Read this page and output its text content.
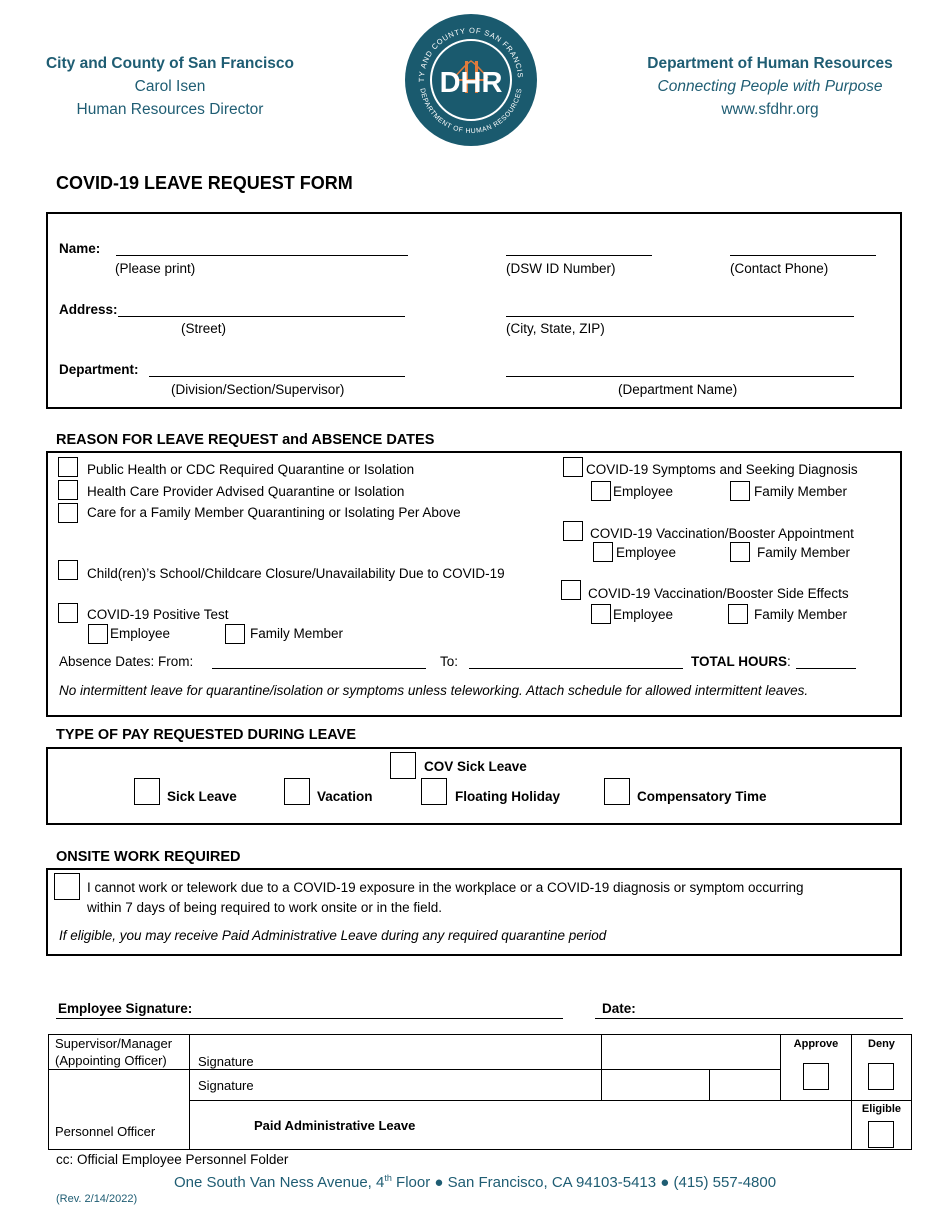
City and County of San Francisco
Carol Isen
Human Resources Director
TY AND COUNTY OF SAN FRANCIS
DEPARTMENT OF HUMAN RESOURCES
DHR
Department of Human Resources
Connecting People with Purpose
www.sfdhr.org
COVID-19 LEAVE REQUEST FORM
Name:
(Please print)	(DSW ID Number)	(Contact Phone)
Address:
(Street)	(City, State, ZIP)
Department:
(Division/Section/Supervisor)	(Department Name)
REASON FOR LEAVE REQUEST and ABSENCE DATES
Public Health or CDC Required Quarantine or Isolation
Health Care Provider Advised Quarantine or Isolation
Care for a Family Member Quarantining or Isolating Per Above
Child(ren)’s School/Childcare Closure/Unavailability Due to COVID-19
COVID-19 Positive Test
Employee	Family Member
COVID-19 Symptoms and Seeking Diagnosis
Employee	Family Member
COVID-19 Vaccination/Booster Appointment
Employee	Family Member
COVID-19 Vaccination/Booster Side Effects
Employee	Family Member
Absence Dates: From:	To:	TOTAL HOURS:
No intermittent leave for quarantine/isolation or symptoms unless teleworking. Attach schedule for allowed intermittent leaves.
TYPE OF PAY REQUESTED DURING LEAVE
Sick Leave	Vacation
COV Sick Leave
Floating Holiday	Compensatory Time
ONSITE WORK REQUIRED
I cannot work or telework due to a COVID-19 exposure in the workplace or a COVID-19 diagnosis or symptom occurring
within 7 days of being required to work onsite or in the field.
If eligible, you may receive Paid Administrative Leave during any required quarantine period
Employee Signature:	Date:
Supervisor/Manager
(Appointing Officer)	Signature			Approve	Deny

Personnel Officer	Signature				
	Paid Administrative Leave				Eligible
cc: Official Employee Personnel Folder
One South Van Ness Avenue, 4th Floor ● San Francisco, CA 94103-5413 ● (415) 557-4800
(Rev. 2/14/2022)
